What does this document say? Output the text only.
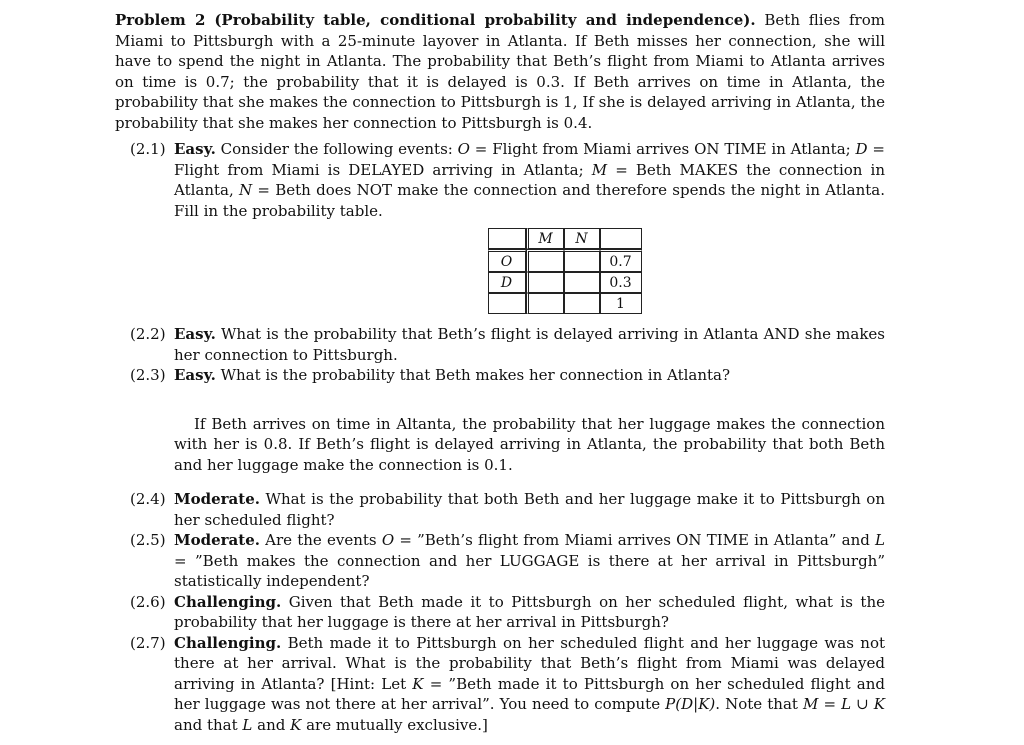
Problem 2 (Probability table, conditional probability and independence). Beth flies from Miami to Pittsburgh with a 25-minute layover in Atlanta. If Beth misses her connection, she will have to spend the night in Atlanta. The probability that Beth’s flight from Miami to Atlanta arrives on time is 0.7; the probability that it is delayed is 0.3. If Beth arrives on time in Atlanta, the probability that she makes the connection to Pittsburgh is 1, If she is delayed arriving in Atlanta, the probability that she makes her connection to Pittsburgh is 0.4.

(2.1) Easy. Consider the following events: O = Flight from Miami arrives ON TIME in Atlanta; D = Flight from Miami is DELAYED arriving in Atlanta; M = Beth MAKES the connection in Atlanta, N = Beth does NOT make the connection and therefore spends the night in Atlanta. Fill in the probability table.
	M	N	
O			0.7
D			0.3
			1
(2.2) Easy. What is the probability that Beth’s flight is delayed arriving in Atlanta AND she makes her connection to Pittsburgh.
(2.3) Easy. What is the probability that Beth makes her connection in Atlanta?

If Beth arrives on time in Altanta, the probability that her luggage makes the connection with her is 0.8. If Beth’s flight is delayed arriving in Atlanta, the probability that both Beth and her luggage make the connection is 0.1.

(2.4) Moderate. What is the probability that both Beth and her luggage make it to Pittsburgh on her scheduled flight?
(2.5) Moderate. Are the events O = ”Beth’s flight from Miami arrives ON TIME in Atlanta” and L = ”Beth makes the connection and her LUGGAGE is there at her arrival in Pittsburgh” statistically independent?
(2.6) Challenging. Given that Beth made it to Pittsburgh on her scheduled flight, what is the probability that her luggage is there at her arrival in Pittsburgh?
(2.7) Challenging. Beth made it to Pittsburgh on her scheduled flight and her luggage was not there at her arrival. What is the probability that Beth’s flight from Miami was delayed arriving in Atlanta? [Hint: Let K = ”Beth made it to Pittsburgh on her scheduled flight and her luggage was not there at her arrival”. You need to compute P(D|K). Note that M = L ∪ K and that L and K are mutually exclusive.]
